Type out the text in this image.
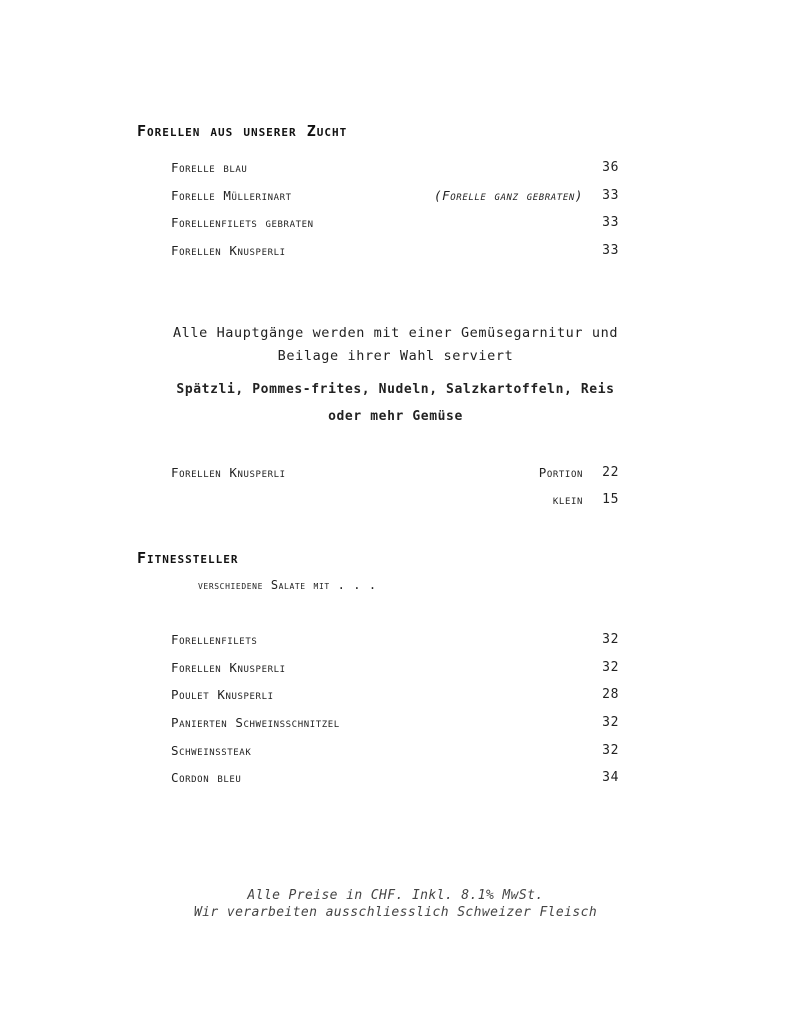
Forellen aus unserer Zucht
Forelle blau	36
Forelle Müllerinart	(Forelle ganz gebraten) 33
Forellenfilets gebraten	33
Forellen Knusperli	33
Alle Hauptgänge werden mit einer Gemüsegarnitur und
Beilage ihrer Wahl serviert
Spätzli, Pommes-frites, Nudeln, Salzkartoffeln, Reis
oder mehr Gemüse
Forellen Knusperli	Portion 22
klein 15
Fitnessteller
verschiedene Salate mit . . .
Forellenfilets	32
Forellen Knusperli	32
Poulet Knusperli	28
Panierten Schweinsschnitzel	32
Schweinssteak	32
Cordon bleu	34
Alle Preise in CHF. Inkl. 8.1% MwSt.
Wir verarbeiten ausschliesslich Schweizer Fleisch
